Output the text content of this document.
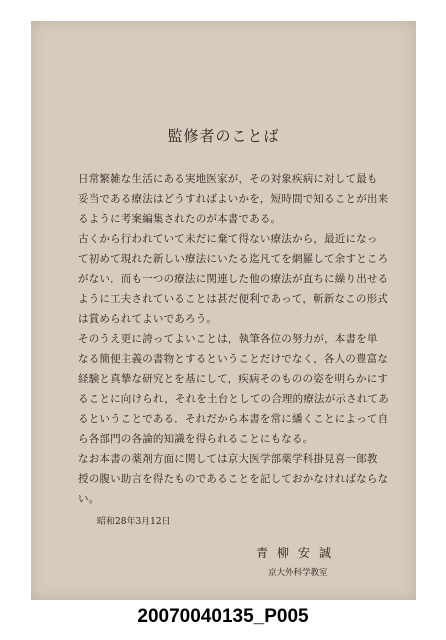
監修者のことば
日常繁雑な生活にある実地医家が，その対象疾病に対して最も
妥当である療法はどうすればよいかを，短時間で知ることが出来
るように考案編集されたのが本書である。
古くから行われていて未だに棄て得ない療法から，最近になっ
て初めて現れた新しい療法にいたる迄凡てを網羅して余すところ
がない．而も一つの療法に関連した他の療法が直ちに繰り出せる
ように工夫されていることは甚だ便利であって，斬新なこの形式
は賞められてよいであろう。
そのうえ更に誇ってよいことは，執筆各位の努力が，本書を単
なる簡便主義の書物とするということだけでなく，各人の豊富な
経験と真摯な研究とを基にして，疾病そのものの姿を明らかにす
ることに向けられ，それを土台としての合理的療法が示されてあ
るということである．それだから本書を常に繙くことによって自
ら各部門の各論的知識を得られることにもなる。
なお本書の薬剤方面に関しては京大医学部薬学科掛見喜一郎教
授の腹い助言を得たものであることを記しておかなければならな
い。
昭和28年3月12日
青柳安誠
京大外科学教室
20070040135_P005
